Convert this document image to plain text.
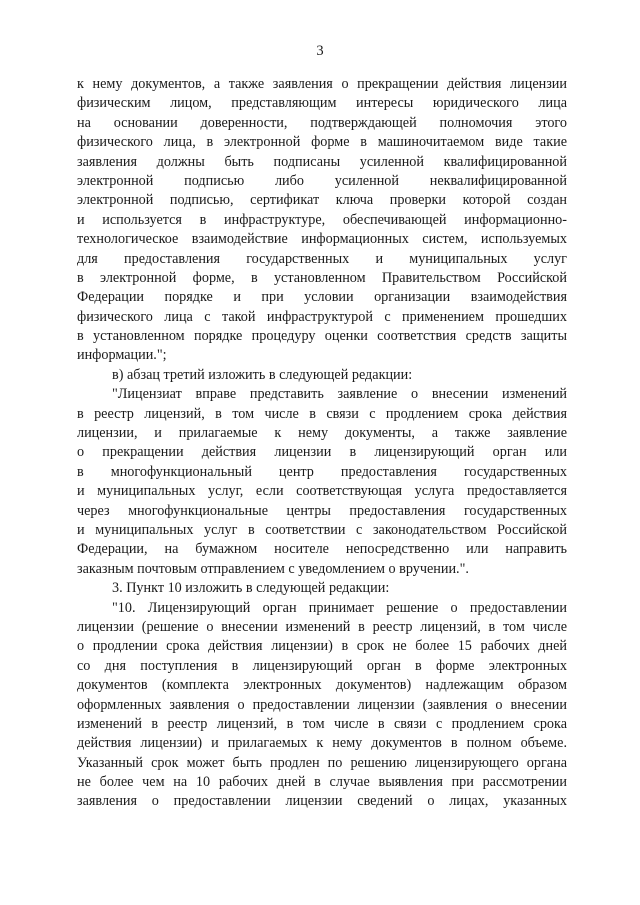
3
к нему документов, а также заявления о прекращении действия лицензии
физическим лицом, представляющим интересы юридического лица
на основании доверенности, подтверждающей полномочия этого
физического лица, в электронной форме в машиночитаемом виде такие
заявления должны быть подписаны усиленной квалифицированной
электронной подписью либо усиленной неквалифицированной
электронной подписью, сертификат ключа проверки которой создан
и используется в инфраструктуре, обеспечивающей информационно-
технологическое взаимодействие информационных систем, используемых
для предоставления государственных и муниципальных услуг
в электронной форме, в установленном Правительством Российской
Федерации порядке и при условии организации взаимодействия
физического лица с такой инфраструктурой с применением прошедших
в установленном порядке процедуру оценки соответствия средств защиты
информации.";
в) абзац третий изложить в следующей редакции:
"Лицензиат вправе представить заявление о внесении изменений
в реестр лицензий, в том числе в связи с продлением срока действия
лицензии, и прилагаемые к нему документы, а также заявление
о прекращении действия лицензии в лицензирующий орган или
в многофункциональный центр предоставления государственных
и муниципальных услуг, если соответствующая услуга предоставляется
через многофункциональные центры предоставления государственных
и муниципальных услуг в соответствии с законодательством Российской
Федерации, на бумажном носителе непосредственно или направить
заказным почтовым отправлением с уведомлением о вручении.".
3. Пункт 10 изложить в следующей редакции:
"10. Лицензирующий орган принимает решение о предоставлении
лицензии (решение о внесении изменений в реестр лицензий, в том числе
о продлении срока действия лицензии) в срок не более 15 рабочих дней
со дня поступления в лицензирующий орган в форме электронных
документов (комплекта электронных документов) надлежащим образом
оформленных заявления о предоставлении лицензии (заявления о внесении
изменений в реестр лицензий, в том числе в связи с продлением срока
действия лицензии) и прилагаемых к нему документов в полном объеме.
Указанный срок может быть продлен по решению лицензирующего органа
не более чем на 10 рабочих дней в случае выявления при рассмотрении
заявления о предоставлении лицензии сведений о лицах, указанных
